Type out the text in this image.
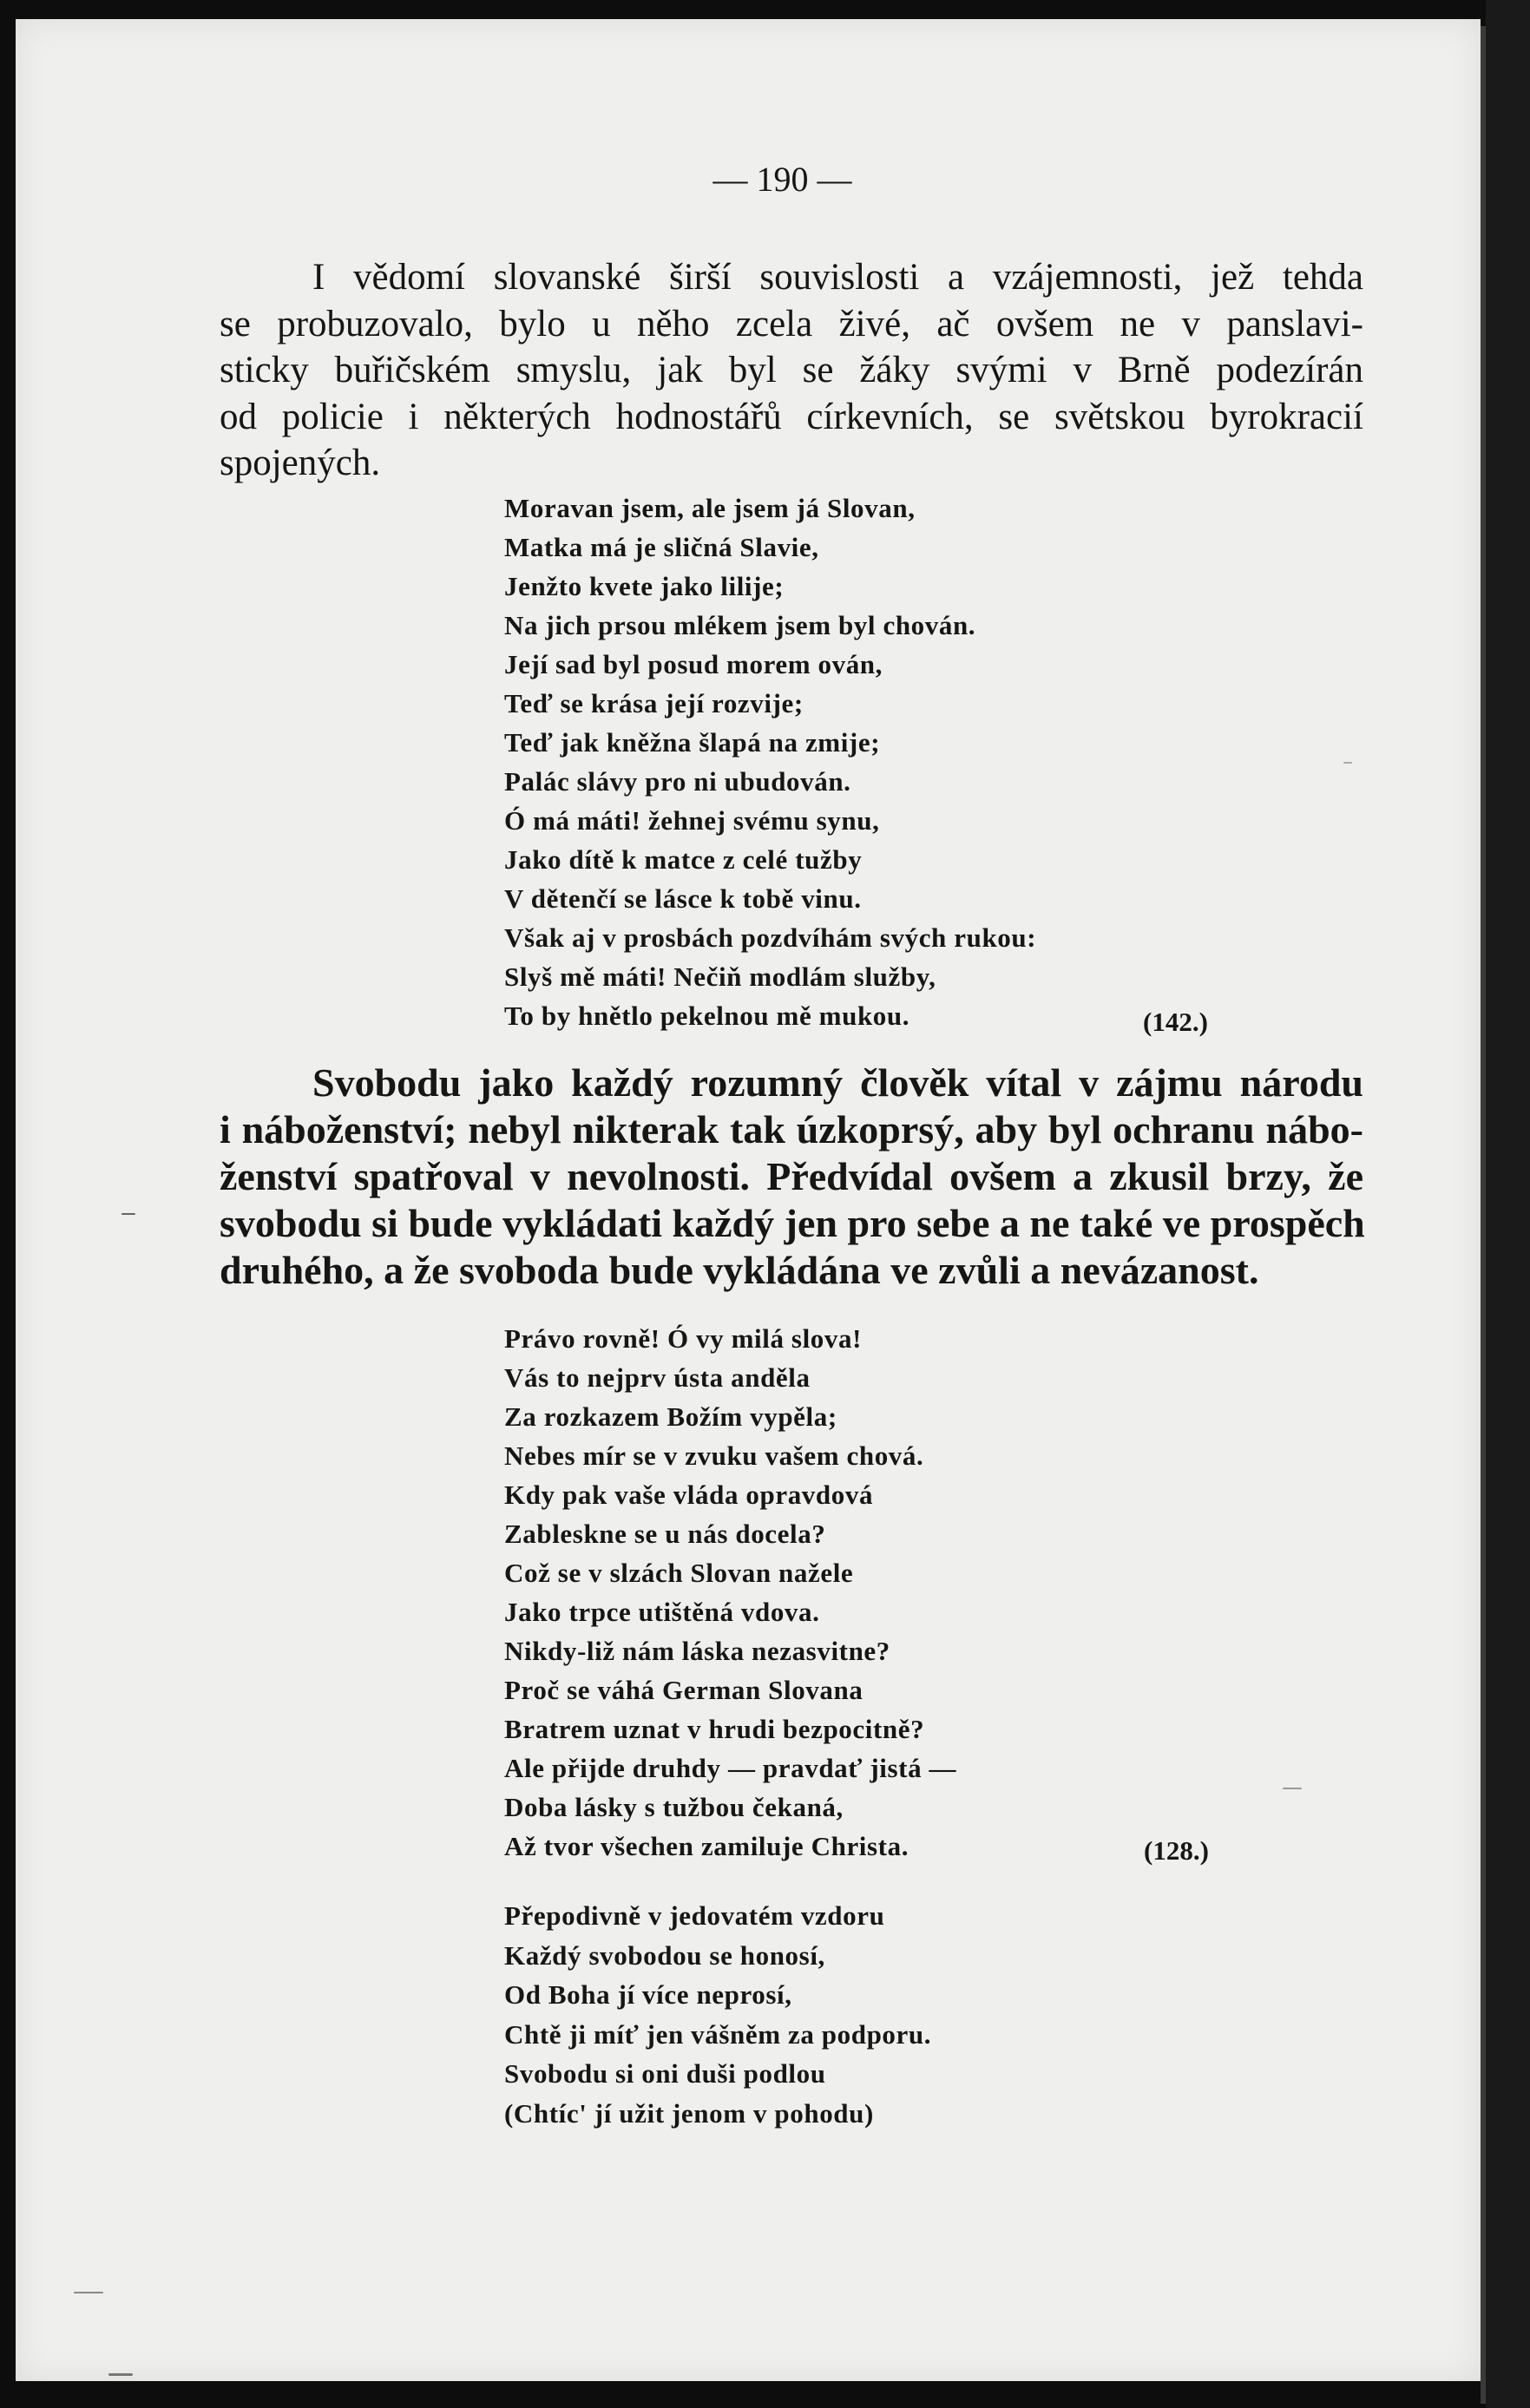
— 190 —

I vědomí slovanské širší souvislosti a vzájemnosti, jež tehda
se probuzovalo, bylo u něho zcela živé, ač ovšem ne v panslavi-
sticky buřičském smyslu, jak byl se žáky svými v Brně podezírán
od policie i některých hodnostářů církevních, se světskou byrokracií
spojených.

Moravan jsem, ale jsem já Slovan,
Matka má je sličná Slavie,
Jenžto kvete jako lilije;
Na jich prsou mlékem jsem byl chován.
Její sad byl posud morem ován,
Teď se krása její rozvije;
Teď jak kněžna šlapá na zmije;
Palác slávy pro ni ubudován.
Ó má máti! žehnej svému synu,
Jako dítě k matce z celé tužby
V dětenčí se lásce k tobě vinu.
Však aj v prosbách pozdvíhám svých rukou:
Slyš mě máti! Nečiň modlám služby,
To by hnětlo pekelnou mě mukou.	(142.)

Svobodu jako každý rozumný člověk vítal v zájmu národu
i náboženství; nebyl nikterak tak úzkoprsý, aby byl ochranu nábo-
ženství spatřoval v nevolnosti. Předvídal ovšem a zkusil brzy, že
svobodu si bude vykládati každý jen pro sebe a ne také ve prospěch
druhého, a že svoboda bude vykládána ve zvůli a nevázanost.

Právo rovně! Ó vy milá slova!
Vás to nejprv ústa anděla
Za rozkazem Božím vypěla;
Nebes mír se v zvuku vašem chová.
Kdy pak vaše vláda opravdová
Zableskne se u nás docela?
Což se v slzách Slovan nažele
Jako trpce utištěná vdova.
Nikdy-liž nám láska nezasvitne?
Proč se váhá German Slovana
Bratrem uznat v hrudi bezpocitně?
Ale přijde druhdy — pravdať jistá —
Doba lásky s tužbou čekaná,
Až tvor všechen zamiluje Christa.	(128.)
Přepodivně v jedovatém vzdoru
Každý svobodou se honosí,
Od Boha jí více neprosí,
Chtě ji míť jen vášněm za podporu.
Svobodu si oni duši podlou
(Chtíc' jí užit jenom v pohodu)
